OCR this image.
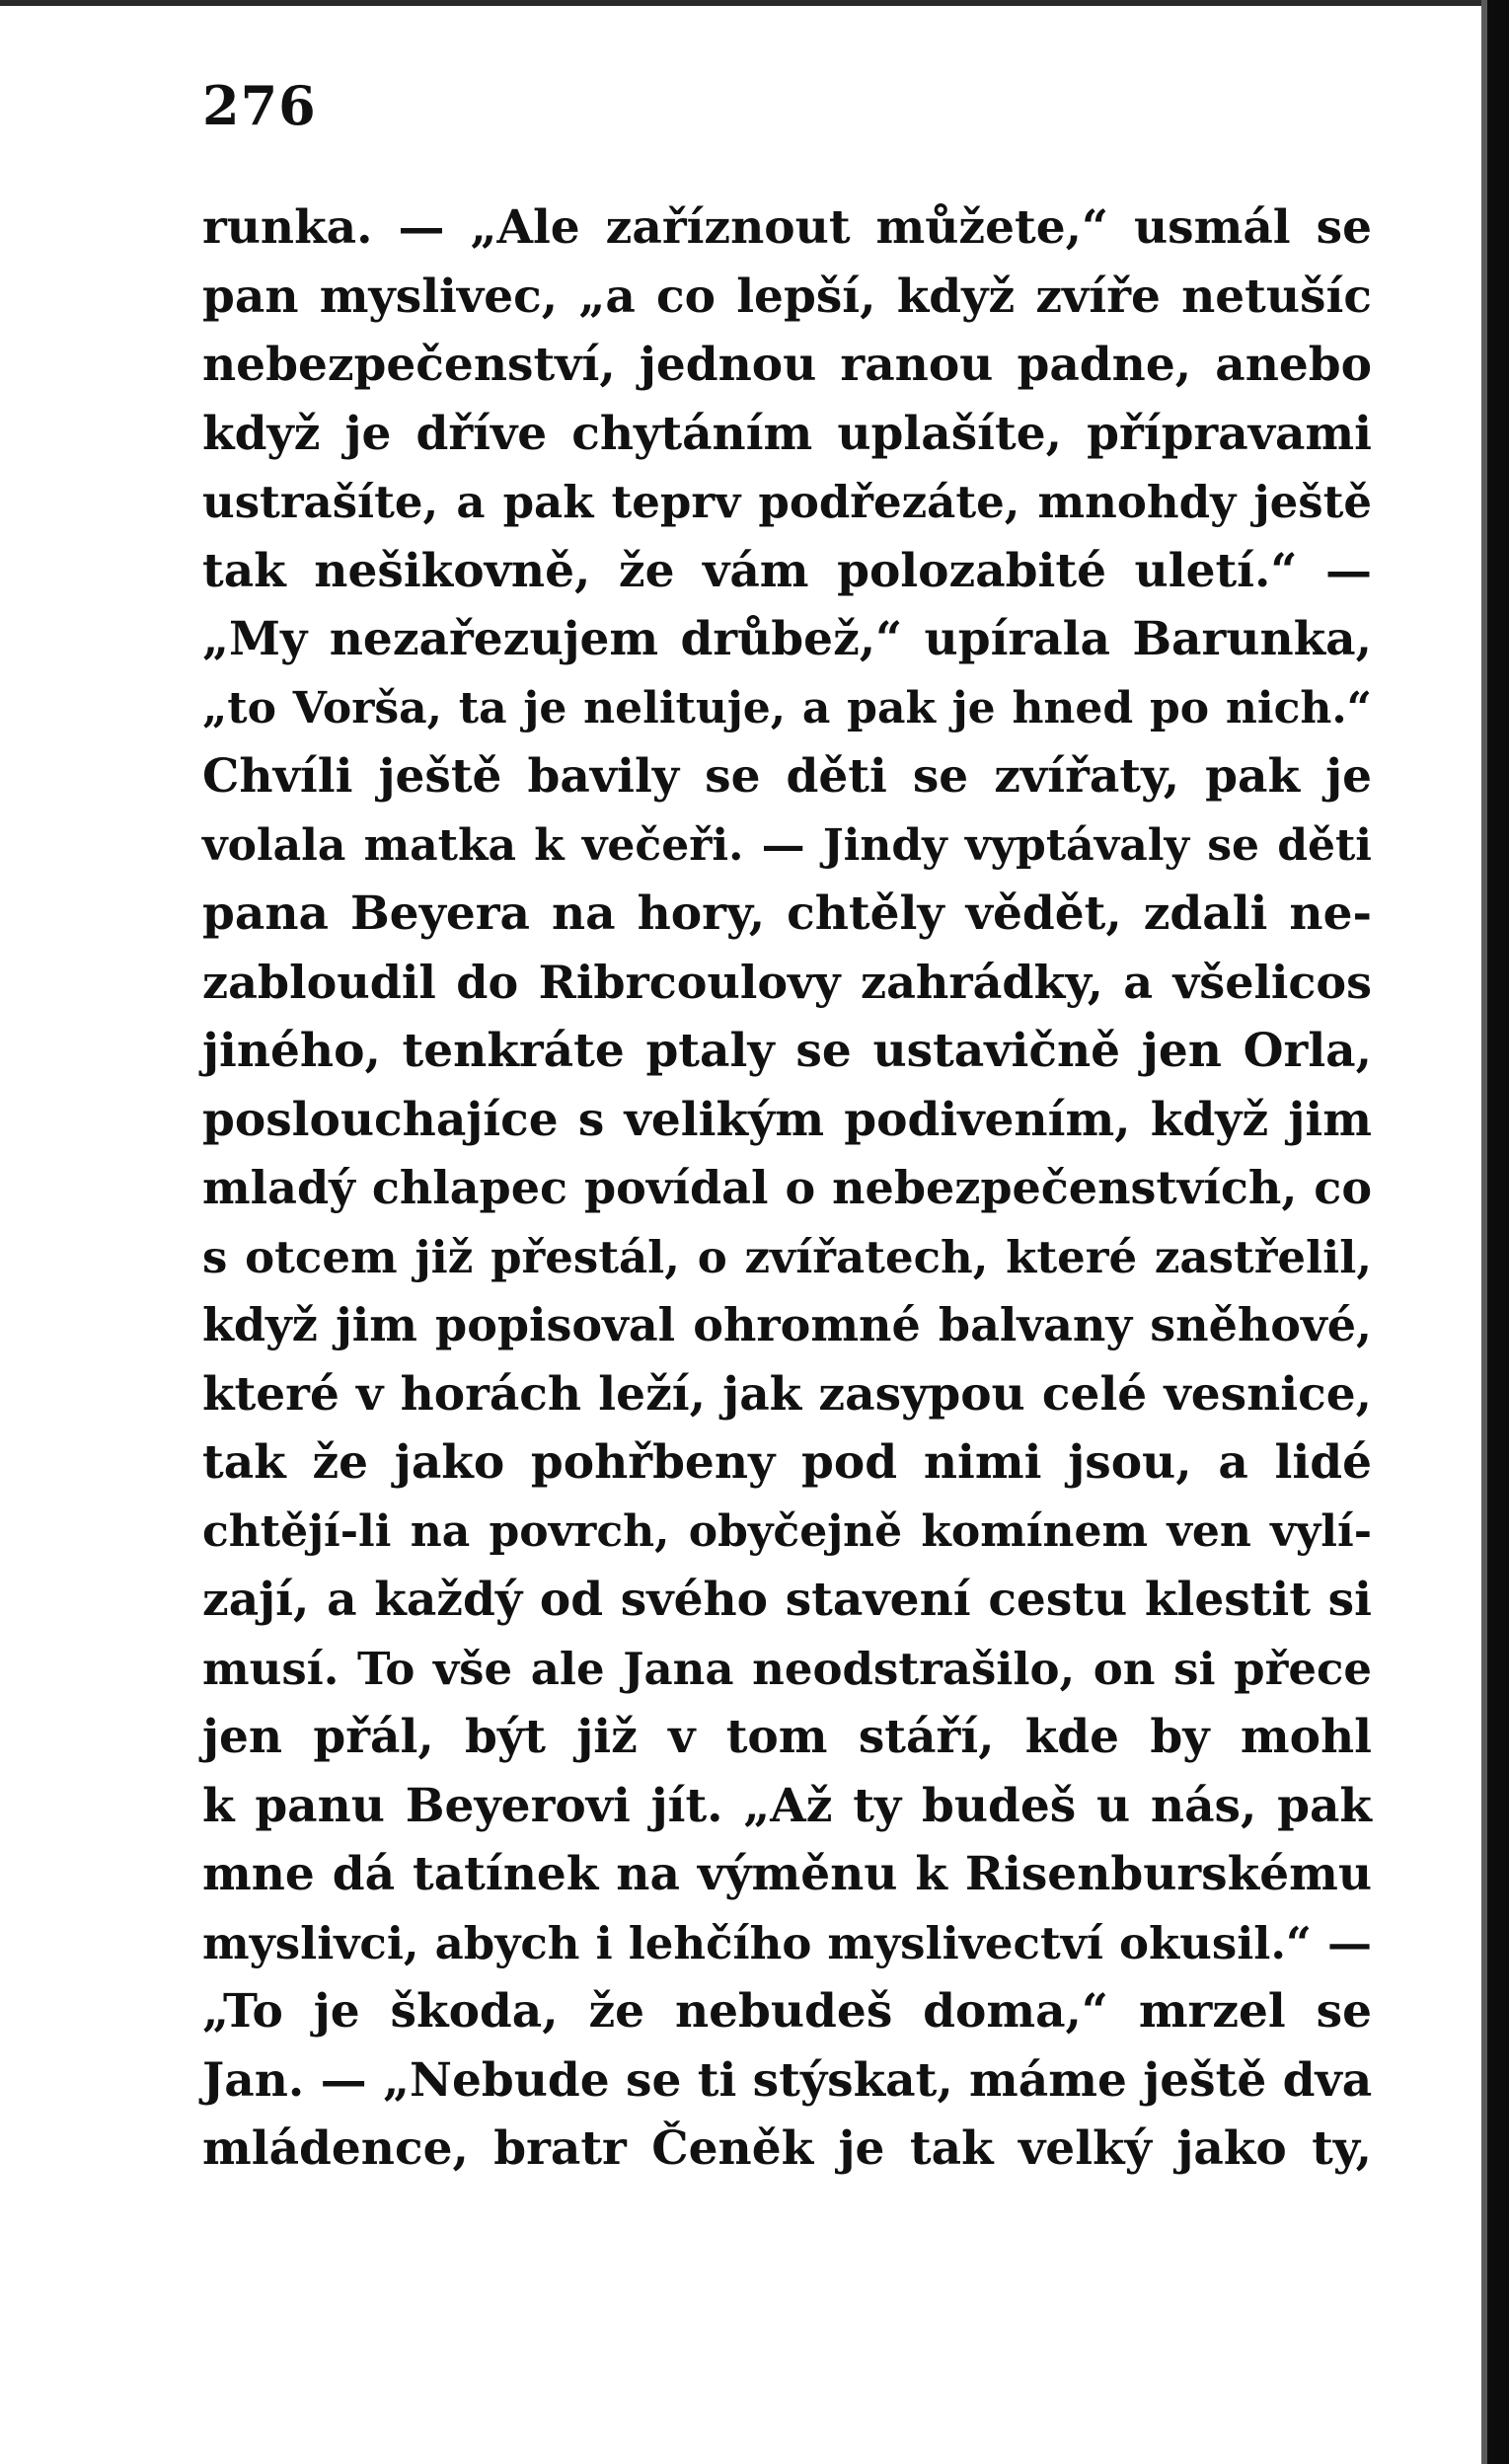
276
runka. — „Ale zaříznout můžete,“ usmál se
pan myslivec, „a co lepší, když zvíře netušíc
nebezpečenství, jednou ranou padne, anebo
když je dříve chytáním uplašíte, přípravami
ustrašíte, a pak teprv podřezáte, mnohdy ještě
tak nešikovně, že vám polozabité uletí.“ —
„My nezařezujem drůbež,“ upírala Barunka,
„to Vorša, ta je nelituje, a pak je hned po nich.“
Chvíli ještě bavily se děti se zvířaty, pak je
volala matka k večeři. — Jindy vyptávaly se děti
pana Beyera na hory, chtěly vědět, zdali ne-
zabloudil do Ribrcoulovy zahrádky, a všelicos
jiného, tenkráte ptaly se ustavičně jen Orla,
poslouchajíce s velikým podivením, když jim
mladý chlapec povídal o nebezpečenstvích, co
s otcem již přestál, o zvířatech, které zastřelil,
když jim popisoval ohromné balvany sněhové,
které v horách leží, jak zasypou celé vesnice,
tak že jako pohřbeny pod nimi jsou, a lidé
chtějí-li na povrch, obyčejně komínem ven vylí-
zají, a každý od svého stavení cestu klestit si
musí. To vše ale Jana neodstrašilo, on si přece
jen přál, být již v tom stáří, kde by mohl
k panu Beyerovi jít. „Až ty budeš u nás, pak
mne dá tatínek na výměnu k Risenburskému
myslivci, abych i lehčího myslivectví okusil.“ —
„To je škoda, že nebudeš doma,“ mrzel se
Jan. — „Nebude se ti stýskat, máme ještě dva
mládence, bratr Čeněk je tak velký jako ty,
